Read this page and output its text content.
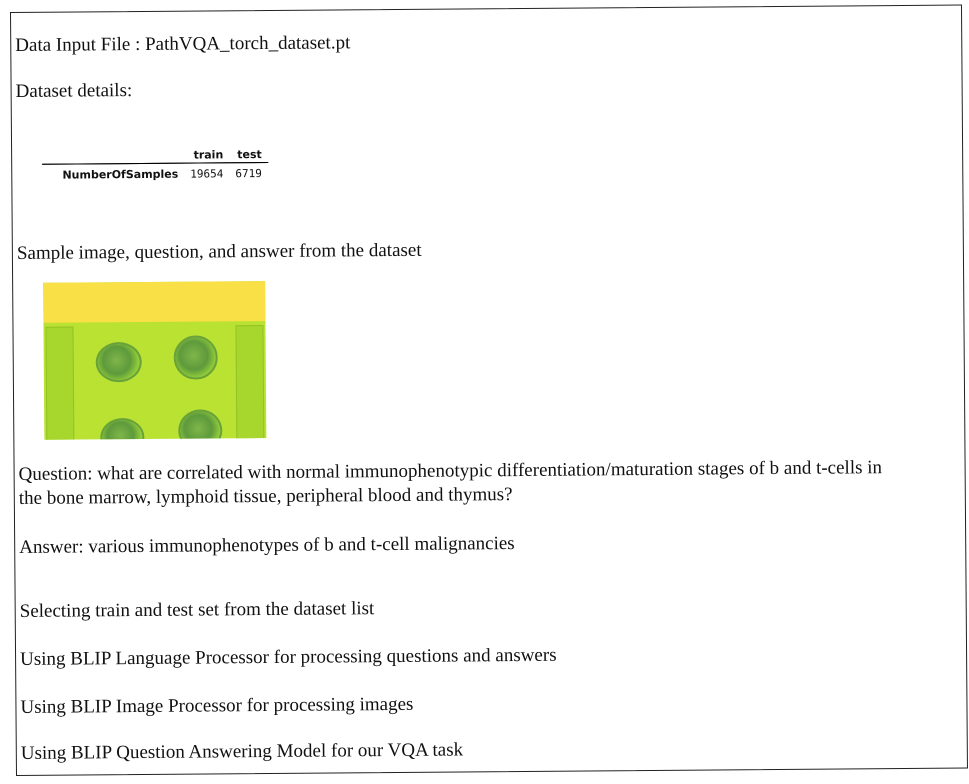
Data Input File : PathVQA_torch_dataset.pt
Dataset details:
	train	test
NumberOfSamples	19654	6719
Sample image, question, and answer from the dataset
Question: what are correlated with normal immunophenotypic differentiation/maturation stages of b and t-cells in the bone marrow, lymphoid tissue, peripheral blood and thymus?
Answer: various immunophenotypes of b and t-cell malignancies
Selecting train and test set from the dataset list
Using BLIP Language Processor for processing questions and answers
Using BLIP Image Processor for processing images
Using BLIP Question Answering Model for our VQA task
